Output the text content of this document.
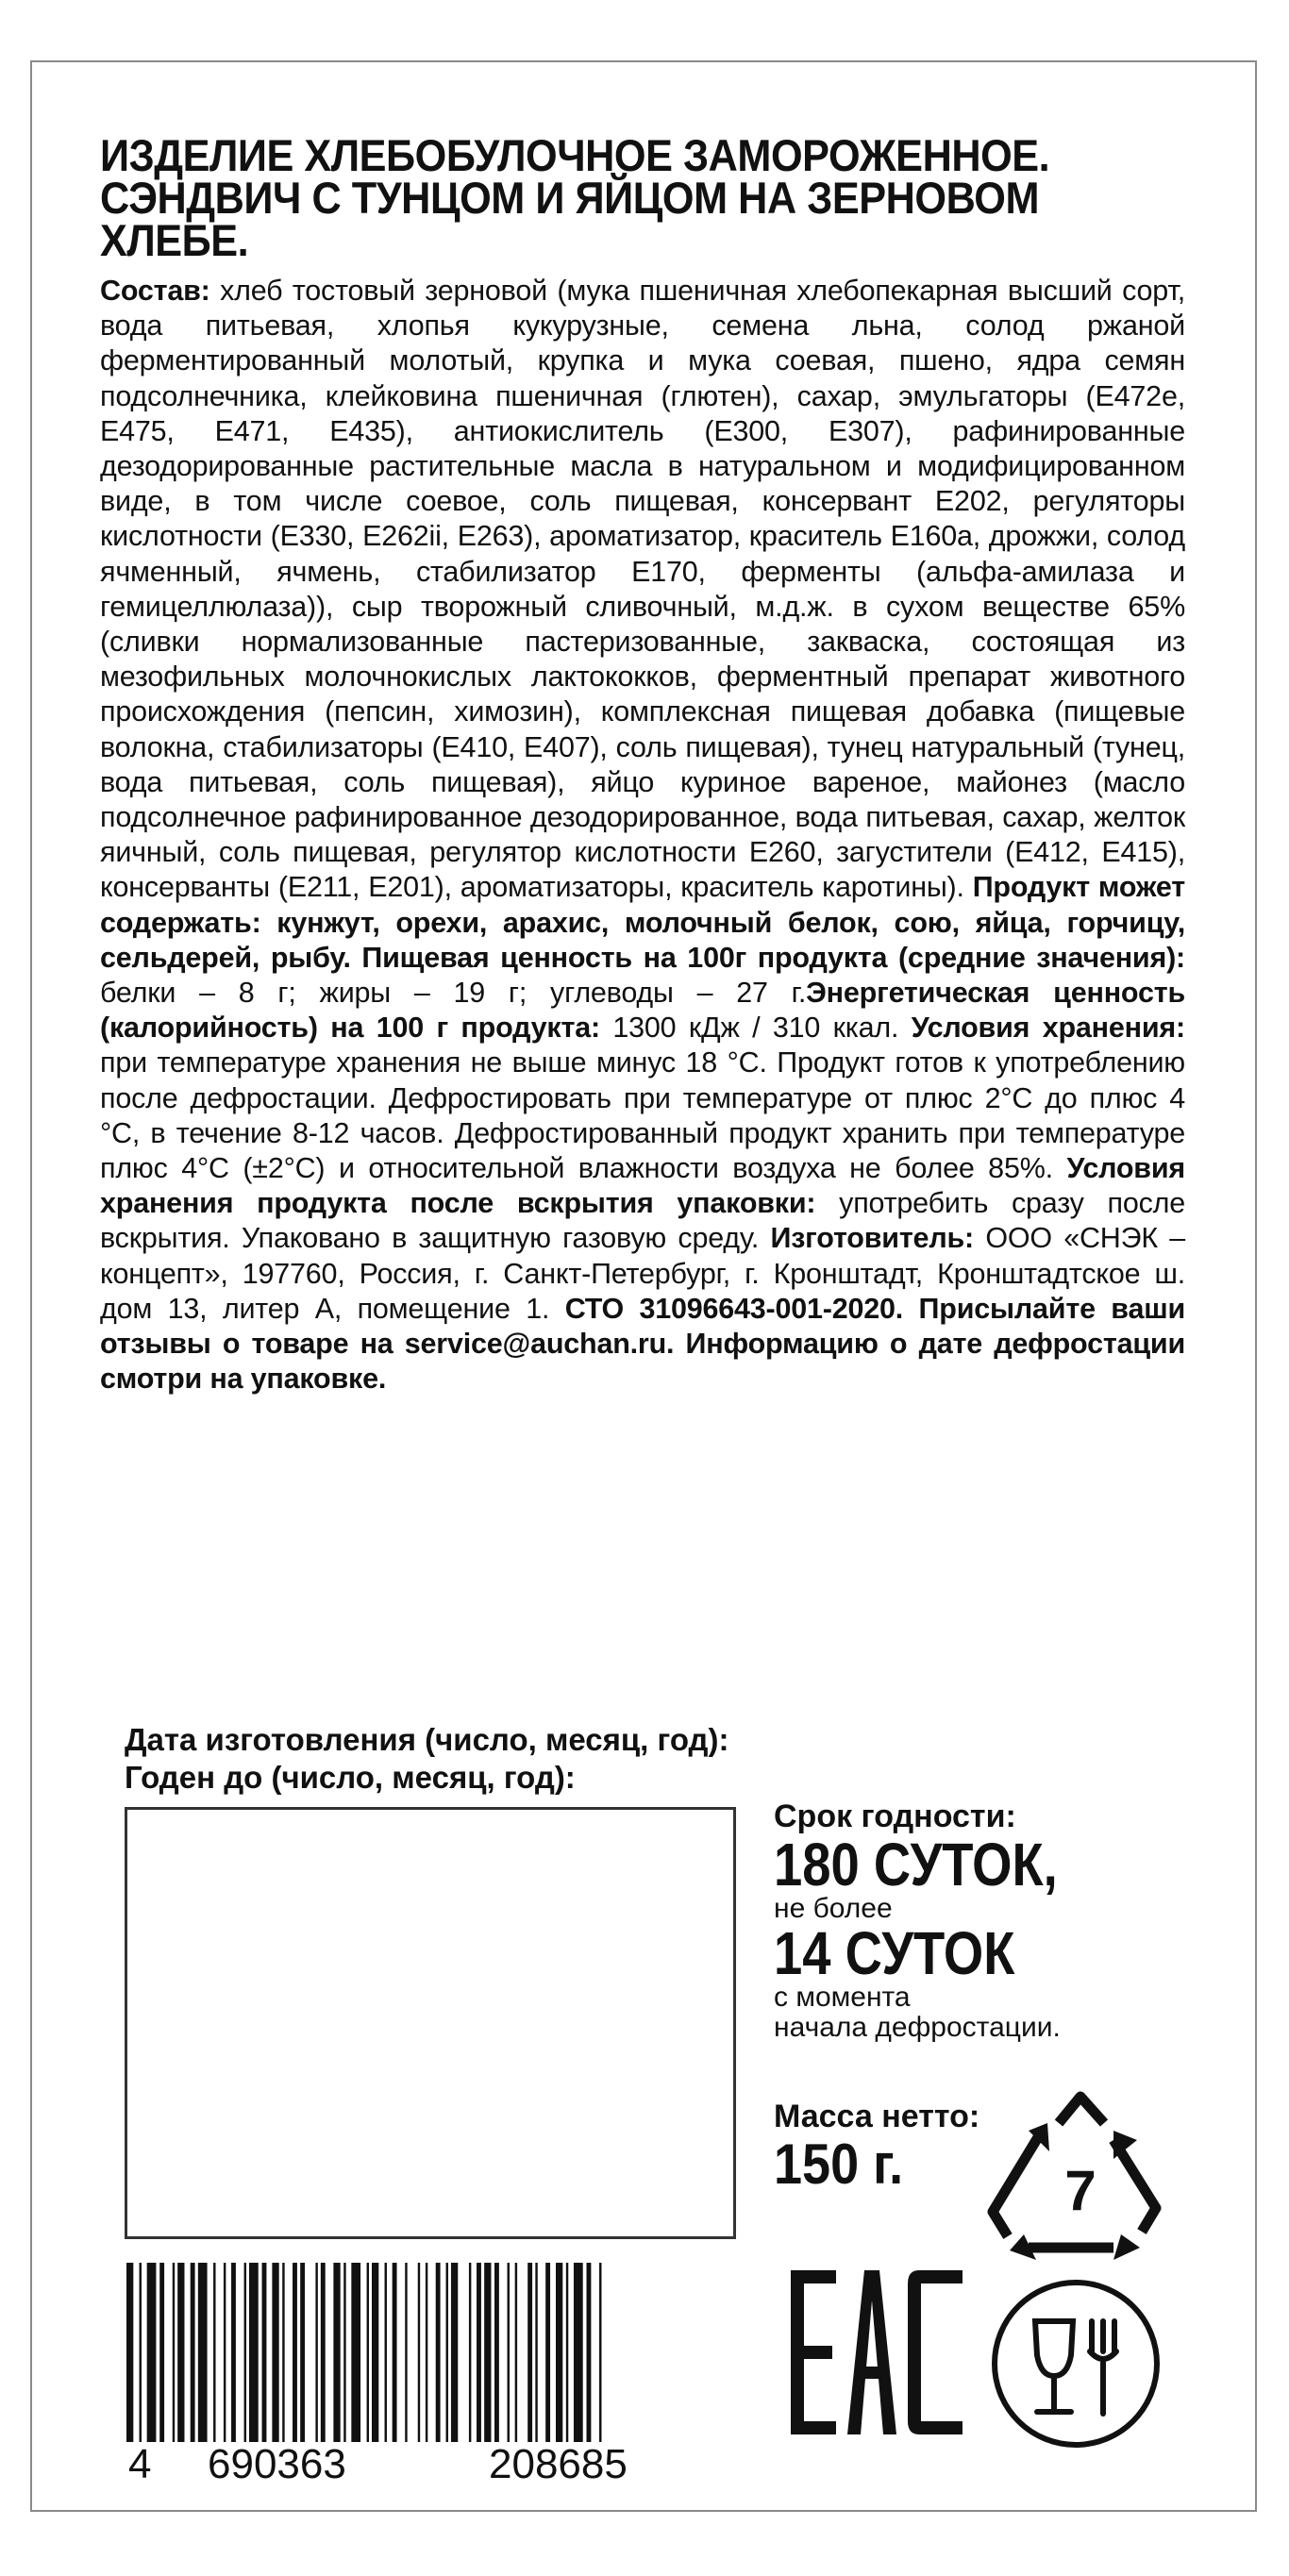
ИЗДЕЛИЕ ХЛЕБОБУЛОЧНОЕ ЗАМОРОЖЕННОЕ. СЭНДВИЧ С ТУНЦОМ И ЯЙЦОМ НА ЗЕРНОВОМ ХЛЕБЕ.
Состав: хлеб тостовый зерновой (мука пшеничная хлебопекарная высший сорт, вода питьевая, хлопья кукурузные, семена льна, солод ржаной ферментированный молотый, крупка и мука соевая, пшено, ядра семян подсолнечника, клейковина пшеничная (глютен), сахар, эмульгаторы (Е472е, Е475, Е471, Е435), антиокислитель (Е300, Е307), рафинированные дезодорированные растительные масла в натуральном и модифицированном виде, в том числе соевое, соль пищевая, консервант Е202, регуляторы кислотности (Е330, Е262ii, Е263), ароматизатор, краситель Е160а, дрожжи, солод ячменный, ячмень, стабилизатор Е170, ферменты (альфа-амилаза и гемицеллюлаза)), сыр творожный сливочный, м.д.ж. в сухом веществе 65% (сливки нормализованные пастеризованные, закваска, состоящая из мезофильных молочнокислых лактококков, ферментный препарат животного происхождения (пепсин, химозин), комплексная пищевая добавка (пищевые волокна, стабилизаторы (Е410, Е407), соль пищевая), тунец натуральный (тунец, вода питьевая, соль пищевая), яйцо куриное вареное, майонез (масло подсолнечное рафинированное дезодорированное, вода питьевая, сахар, желток яичный, соль пищевая, регулятор кислотности Е260, загустители (Е412, Е415), консерванты (Е211, Е201), ароматизаторы, краситель каротины). Продукт может содержать: кунжут, орехи, арахис, молочный белок, сою, яйца, горчицу, сельдерей, рыбу. Пищевая ценность на 100г продукта (средние значения): белки – 8 г; жиры – 19 г; углеводы – 27 г.Энергетическая ценность (калорийность) на 100 г продукта: 1300 кДж / 310 ккал. Условия хранения: при температуре хранения не выше минус 18 °С. Продукт готов к употреблению после дефростации. Дефростировать при температуре от плюс 2°С до плюс 4 °С, в течение 8-12 часов. Дефростированный продукт хранить при температуре плюс 4°С (±2°С) и относительной влажности воздуха не более 85%. Условия хранения продукта после вскрытия упаковки: употребить сразу после вскрытия. Упаковано в защитную газовую среду. Изготовитель: ООО «СНЭК – концепт», 197760, Россия, г. Санкт-Петербург, г. Кронштадт, Кронштадтское ш. дом 13, литер А, помещение 1. СТО 31096643-001-2020. Присылайте ваши отзывы о товаре на service@auchan.ru. Информацию о дате дефростации смотри на упаковке.
Дата изготовления (число, месяц, год):
Годен до (число, месяц, год):
Срок годности:
180 СУТОК,
не более
14 СУТОК
с момента
начала дефростации.
Масса нетто:
150 г.
4 690363	208685
7
